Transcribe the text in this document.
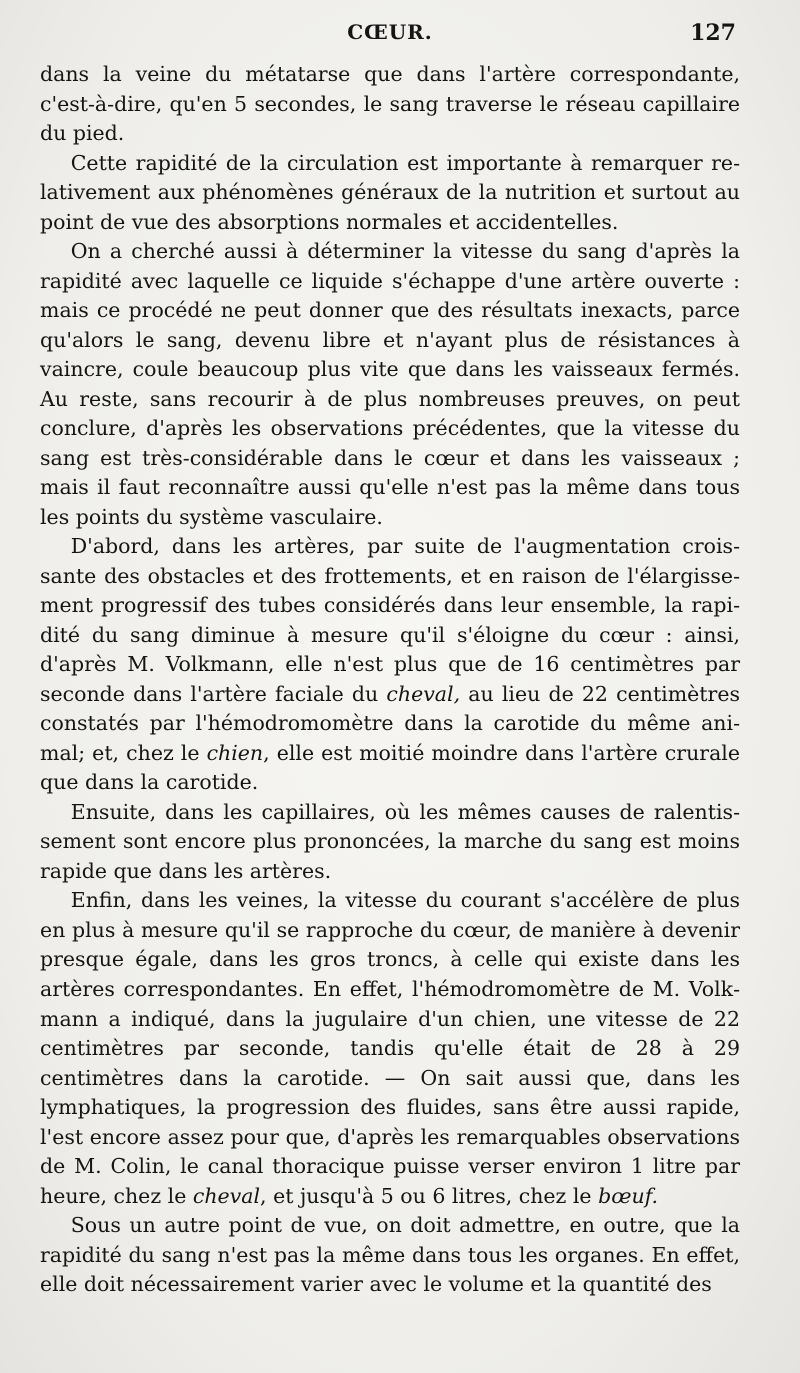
CŒUR.	127

dans la veine du métatarse que dans l'artère correspondante, c'est-à-dire, qu'en 5 secondes, le sang traverse le réseau capillaire du pied.

Cette rapidité de la circulation est importante à remarquer relativement aux phénomènes généraux de la nutrition et surtout au point de vue des absorptions normales et accidentelles.

On a cherché aussi à déterminer la vitesse du sang d'après la rapidité avec laquelle ce liquide s'échappe d'une artère ouverte : mais ce procédé ne peut donner que des résultats inexacts, parce qu'alors le sang, devenu libre et n'ayant plus de résistances à vaincre, coule beaucoup plus vite que dans les vaisseaux fermés. Au reste, sans recourir à de plus nombreuses preuves, on peut conclure, d'après les observations précédentes, que la vitesse du sang est très-considérable dans le cœur et dans les vaisseaux ; mais il faut reconnaître aussi qu'elle n'est pas la même dans tous les points du système vasculaire.

D'abord, dans les artères, par suite de l'augmentation croissante des obstacles et des frottements, et en raison de l'élargissement progressif des tubes considérés dans leur ensemble, la rapidité du sang diminue à mesure qu'il s'éloigne du cœur : ainsi, d'après M. Volkmann, elle n'est plus que de 16 centimètres par seconde dans l'artère faciale du cheval, au lieu de 22 centimètres constatés par l'hémodromomètre dans la carotide du même animal; et, chez le chien, elle est moitié moindre dans l'artère crurale que dans la carotide.

Ensuite, dans les capillaires, où les mêmes causes de ralentissement sont encore plus prononcées, la marche du sang est moins rapide que dans les artères.

Enfin, dans les veines, la vitesse du courant s'accélère de plus en plus à mesure qu'il se rapproche du cœur, de manière à devenir presque égale, dans les gros troncs, à celle qui existe dans les artères correspondantes. En effet, l'hémodromomètre de M. Volkmann a indiqué, dans la jugulaire d'un chien, une vitesse de 22 centimètres par seconde, tandis qu'elle était de 28 à 29 centimètres dans la carotide. — On sait aussi que, dans les lymphatiques, la progression des fluides, sans être aussi rapide, l'est encore assez pour que, d'après les remarquables observations de M. Colin, le canal thoracique puisse verser environ 1 litre par heure, chez le cheval, et jusqu'à 5 ou 6 litres, chez le bœuf.

Sous un autre point de vue, on doit admettre, en outre, que la rapidité du sang n'est pas la même dans tous les organes. En effet, elle doit nécessairement varier avec le volume et la quantité des
